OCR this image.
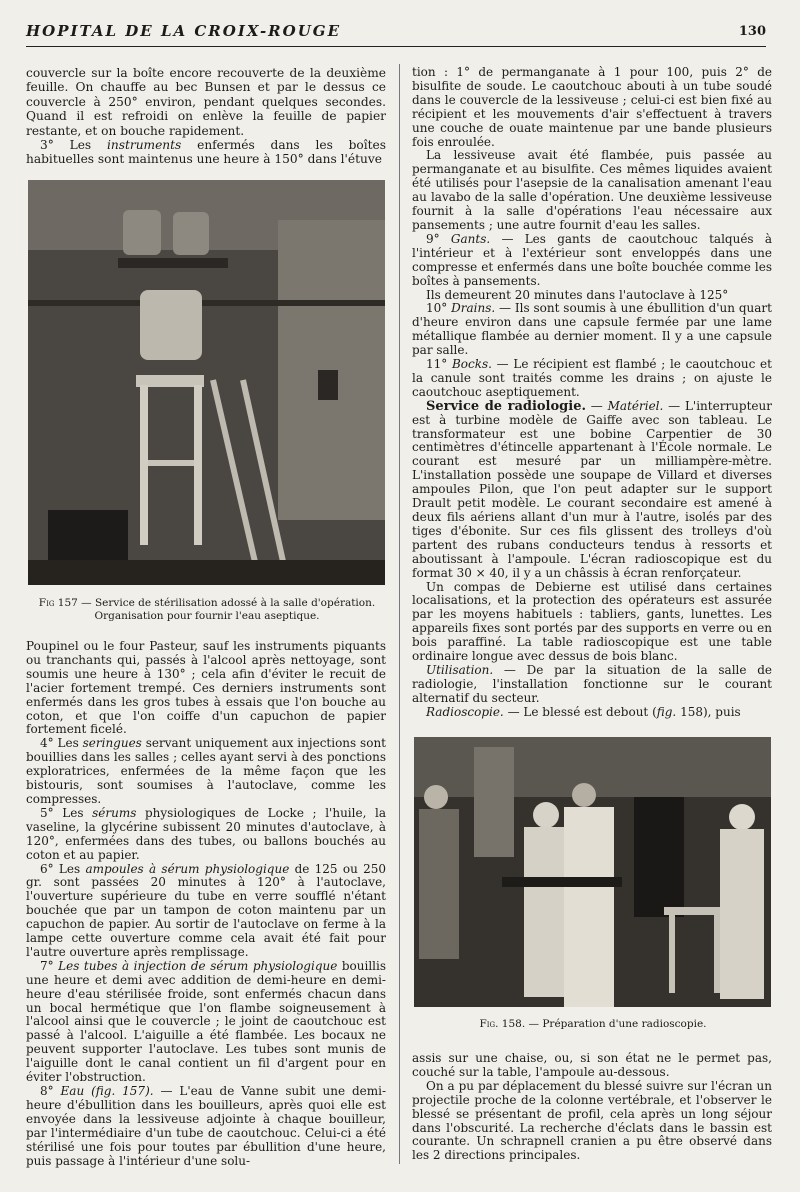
HOPITAL DE LA CROIX-ROUGE	130

couvercle sur la boîte encore recouverte de la deuxième feuille. On chauffe au bec Bunsen et par le dessus ce couvercle à 250° environ, pendant quelques secondes. Quand il est refroidi on enlève la feuille de papier restante, et on bouche rapidement.

3° Les instruments enfermés dans les boîtes habituelles sont maintenus une heure à 150° dans l'étuve

Fig 157 — Service de stérilisation adossé à la salle d'opération.
Organisation pour fournir l'eau aseptique.

Poupinel ou le four Pasteur, sauf les instruments piquants ou tranchants qui, passés à l'alcool après nettoyage, sont soumis une heure à 130° ; cela afin d'éviter le recuit de l'acier fortement trempé. Ces derniers instruments sont enfermés dans les gros tubes à essais que l'on bouche au coton, et que l'on coiffe d'un capuchon de papier fortement ficelé.

4° Les seringues servant uniquement aux injections sont bouillies dans les salles ; celles ayant servi à des ponctions exploratrices, enfermées de la même façon que les bistouris, sont soumises à l'autoclave, comme les compresses.

5° Les sérums physiologiques de Locke ; l'huile, la vaseline, la glycérine subissent 20 minutes d'autoclave, à 120°, enfermées dans des tubes, ou ballons bouchés au coton et au papier.

6° Les ampoules à sérum physiologique de 125 ou 250 gr. sont passées 20 minutes à 120° à l'autoclave, l'ouverture supérieure du tube en verre soufflé n'étant bouchée que par un tampon de coton maintenu par un capuchon de papier. Au sortir de l'autoclave on ferme à la lampe cette ouverture comme cela avait été fait pour l'autre ouverture après remplissage.

7° Les tubes à injection de sérum physiologique bouillis une heure et demi avec addition de demi-heure en demi-heure d'eau stérilisée froide, sont enfermés chacun dans un bocal hermétique que l'on flambe soigneusement à l'alcool ainsi que le couvercle ; le joint de caoutchouc est passé à l'alcool. L'aiguille a été flambée. Les bocaux ne peuvent supporter l'autoclave. Les tubes sont munis de l'aiguille dont le canal contient un fil d'argent pour en éviter l'obstruction.

8° Eau (fig. 157). — L'eau de Vanne subit une demi-heure d'ébullition dans les bouilleurs, après quoi elle est envoyée dans la lessiveuse adjointe à chaque bouilleur, par l'intermédiaire d'un tube de caoutchouc. Celui-ci a été stérilisé une fois pour toutes par ébullition d'une heure, puis passage à l'intérieur d'une solu-

tion : 1° de permanganate à 1 pour 100, puis 2° de bisulfite de soude. Le caoutchouc abouti à un tube soudé dans le couvercle de la lessiveuse ; celui-ci est bien fixé au récipient et les mouvements d'air s'effectuent à travers une couche de ouate maintenue par une bande plusieurs fois enroulée.

La lessiveuse avait été flambée, puis passée au permanganate et au bisulfite. Ces mêmes liquides avaient été utilisés pour l'asepsie de la canalisation amenant l'eau au lavabo de la salle d'opération. Une deuxième lessiveuse fournit à la salle d'opérations l'eau nécessaire aux pansements ; une autre fournit d'eau les salles.

9° Gants. — Les gants de caoutchouc talqués à l'intérieur et à l'extérieur sont enveloppés dans une compresse et enfermés dans une boîte bouchée comme les boîtes à pansements.

Ils demeurent 20 minutes dans l'autoclave à 125°

10° Drains. — Ils sont soumis à une ébullition d'un quart d'heure environ dans une capsule fermée par une lame métallique flambée au dernier moment. Il y a une capsule par salle.

11° Bocks. — Le récipient est flambé ; le caoutchouc et la canule sont traités comme les drains ; on ajuste le caoutchouc aseptiquement.

Service de radiologie. — Matériel. — L'interrupteur est à turbine modèle de Gaiffe avec son tableau. Le transformateur est une bobine Carpentier de 30 centimètres d'étincelle appartenant à l'École normale. Le courant est mesuré par un milliampère-mètre. L'installation possède une soupape de Villard et diverses ampoules Pilon, que l'on peut adapter sur le support Drault petit modèle. Le courant secondaire est amené à deux fils aériens allant d'un mur à l'autre, isolés par des tiges d'ébonite. Sur ces fils glissent des trolleys d'où partent des rubans conducteurs tendus à ressorts et aboutissant à l'ampoule. L'écran radioscopique est du format 30 × 40, il y a un châssis à écran renforçateur.

Un compas de Debierne est utilisé dans certaines localisations, et la protection des opérateurs est assurée par les moyens habituels : tabliers, gants, lunettes. Les appareils fixes sont portés par des supports en verre ou en bois paraffiné. La table radioscopique est une table ordinaire longue avec dessus de bois blanc.

Utilisation. — De par la situation de la salle de radiologie, l'installation fonctionne sur le courant alternatif du secteur.

Radioscopie. — Le blessé est debout (fig. 158), puis

Fig. 158. — Préparation d'une radioscopie.

assis sur une chaise, ou, si son état ne le permet pas, couché sur la table, l'ampoule au-dessous.

On a pu par déplacement du blessé suivre sur l'écran un projectile proche de la colonne vertébrale, et l'observer le blessé se présentant de profil, cela après un long séjour dans l'obscurité. La recherche d'éclats dans le bassin est courante. Un schrapnell cranien a pu être observé dans les 2 directions principales.
